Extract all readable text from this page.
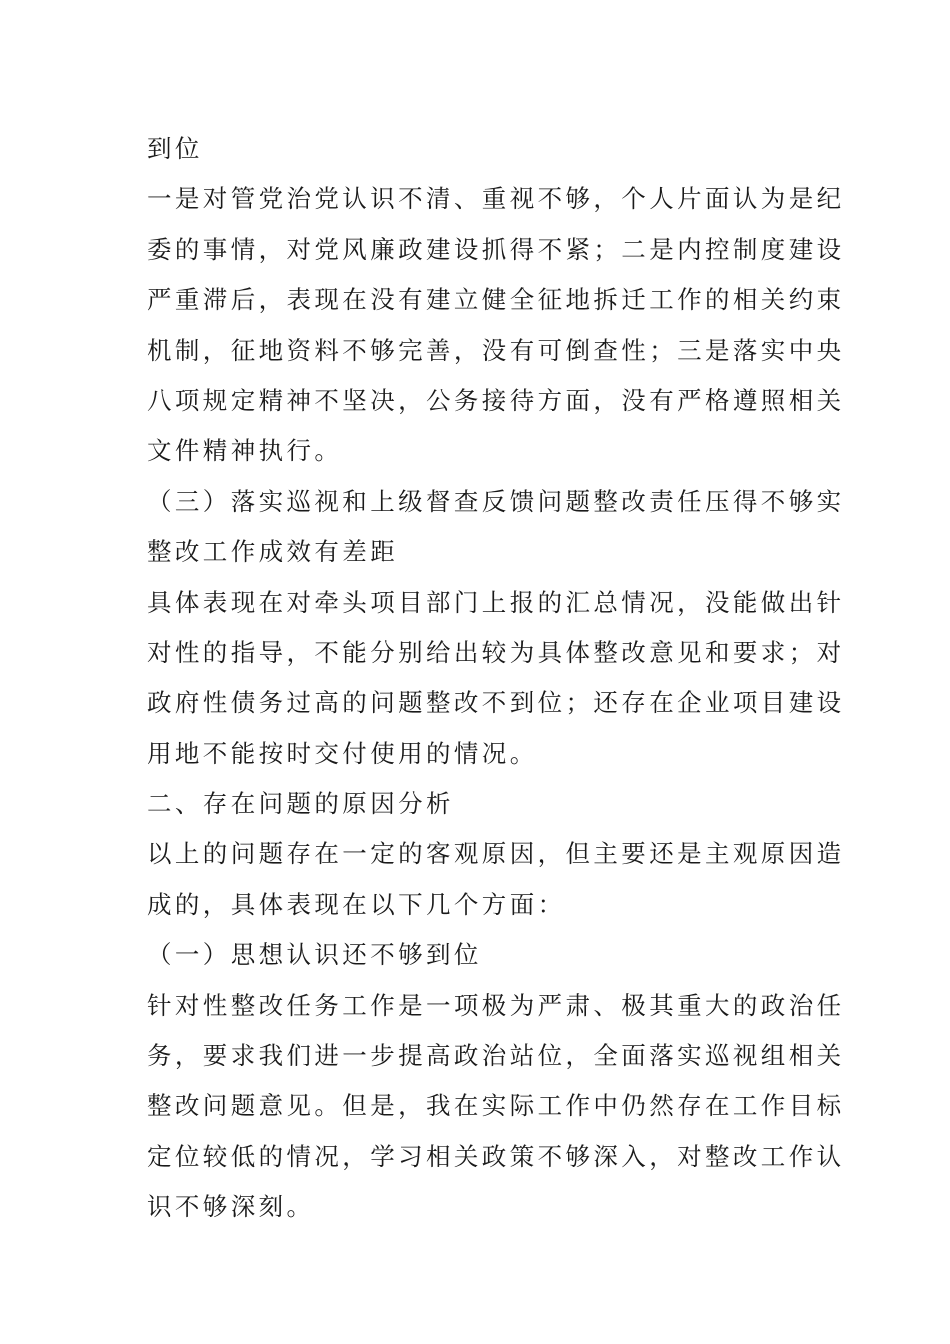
到位
一是对管党治党认识不清、重视不够，个人片面认为是纪
委的事情，对党风廉政建设抓得不紧；二是内控制度建设
严重滞后，表现在没有建立健全征地拆迁工作的相关约束
机制，征地资料不够完善，没有可倒查性；三是落实中央
八项规定精神不坚决，公务接待方面，没有严格遵照相关
文件精神执行。
（三）落实巡视和上级督查反馈问题整改责任压得不够实
整改工作成效有差距
具体表现在对牵头项目部门上报的汇总情况，没能做出针
对性的指导，不能分别给出较为具体整改意见和要求；对
政府性债务过高的问题整改不到位；还存在企业项目建设
用地不能按时交付使用的情况。
二、存在问题的原因分析
以上的问题存在一定的客观原因，但主要还是主观原因造
成的，具体表现在以下几个方面：
（一）思想认识还不够到位
针对性整改任务工作是一项极为严肃、极其重大的政治任
务，要求我们进一步提高政治站位，全面落实巡视组相关
整改问题意见。但是，我在实际工作中仍然存在工作目标
定位较低的情况，学习相关政策不够深入，对整改工作认
识不够深刻。
